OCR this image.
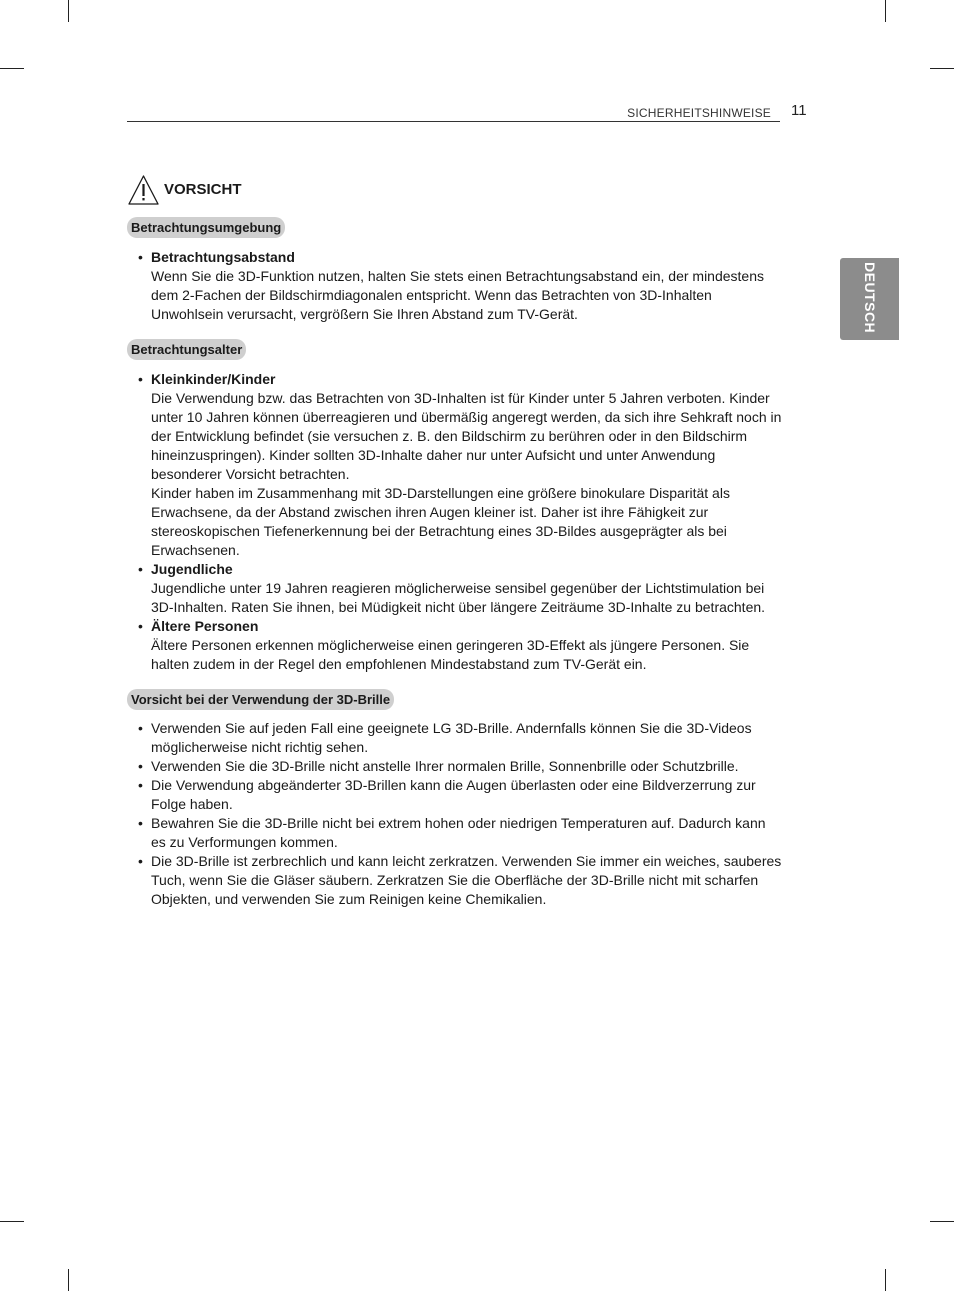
SICHERHEITSHINWEISE 11
DEUTSCH
VORSICHT
Betrachtungsumgebung
• Betrachtungsabstand

Wenn Sie die 3D-Funktion nutzen, halten Sie stets einen Betrachtungsabstand ein, der mindestens dem 2-Fachen der Bildschirmdiagonalen entspricht. Wenn das Betrachten von 3D-Inhalten Unwohlsein verursacht, vergrößern Sie Ihren Abstand zum TV-Gerät.

Betrachtungsalter
• Kleinkinder/Kinder

Die Verwendung bzw. das Betrachten von 3D-Inhalten ist für Kinder unter 5 Jahren verboten. Kinder unter 10 Jahren können überreagieren und übermäßig angeregt werden, da sich ihre Sehkraft noch in der Entwicklung befindet (sie versuchen z. B. den Bildschirm zu berühren oder in den Bildschirm hineinzuspringen). Kinder sollten 3D-Inhalte daher nur unter Aufsicht und unter Anwendung besonderer Vorsicht betrachten.

Kinder haben im Zusammenhang mit 3D-Darstellungen eine größere binokulare Disparität als Erwachsene, da der Abstand zwischen ihren Augen kleiner ist. Daher ist ihre Fähigkeit zur stereoskopischen Tiefenerkennung bei der Betrachtung eines 3D-Bildes ausgeprägter als bei Erwachsenen.

• Jugendliche

Jugendliche unter 19 Jahren reagieren möglicherweise sensibel gegenüber der Lichtstimulation bei 3D-Inhalten. Raten Sie ihnen, bei Müdigkeit nicht über längere Zeiträume 3D-Inhalte zu betrachten.

• Ältere Personen

Ältere Personen erkennen möglicherweise einen geringeren 3D-Effekt als jüngere Personen. Sie halten zudem in der Regel den empfohlenen Mindestabstand zum TV-Gerät ein.

Vorsicht bei der Verwendung der 3D-Brille
• Verwenden Sie auf jeden Fall eine geeignete LG 3D-Brille. Andernfalls können Sie die 3D-Videos möglicherweise nicht richtig sehen.
• Verwenden Sie die 3D-Brille nicht anstelle Ihrer normalen Brille, Sonnenbrille oder Schutzbrille.
• Die Verwendung abgeänderter 3D-Brillen kann die Augen überlasten oder eine Bildverzerrung zur Folge haben.
• Bewahren Sie die 3D-Brille nicht bei extrem hohen oder niedrigen Temperaturen auf. Dadurch kann es zu Verformungen kommen.
• Die 3D-Brille ist zerbrechlich und kann leicht zerkratzen. Verwenden Sie immer ein weiches, sauberes Tuch, wenn Sie die Gläser säubern. Zerkratzen Sie die Oberfläche der 3D-Brille nicht mit scharfen Objekten, und verwenden Sie zum Reinigen keine Chemikalien.
